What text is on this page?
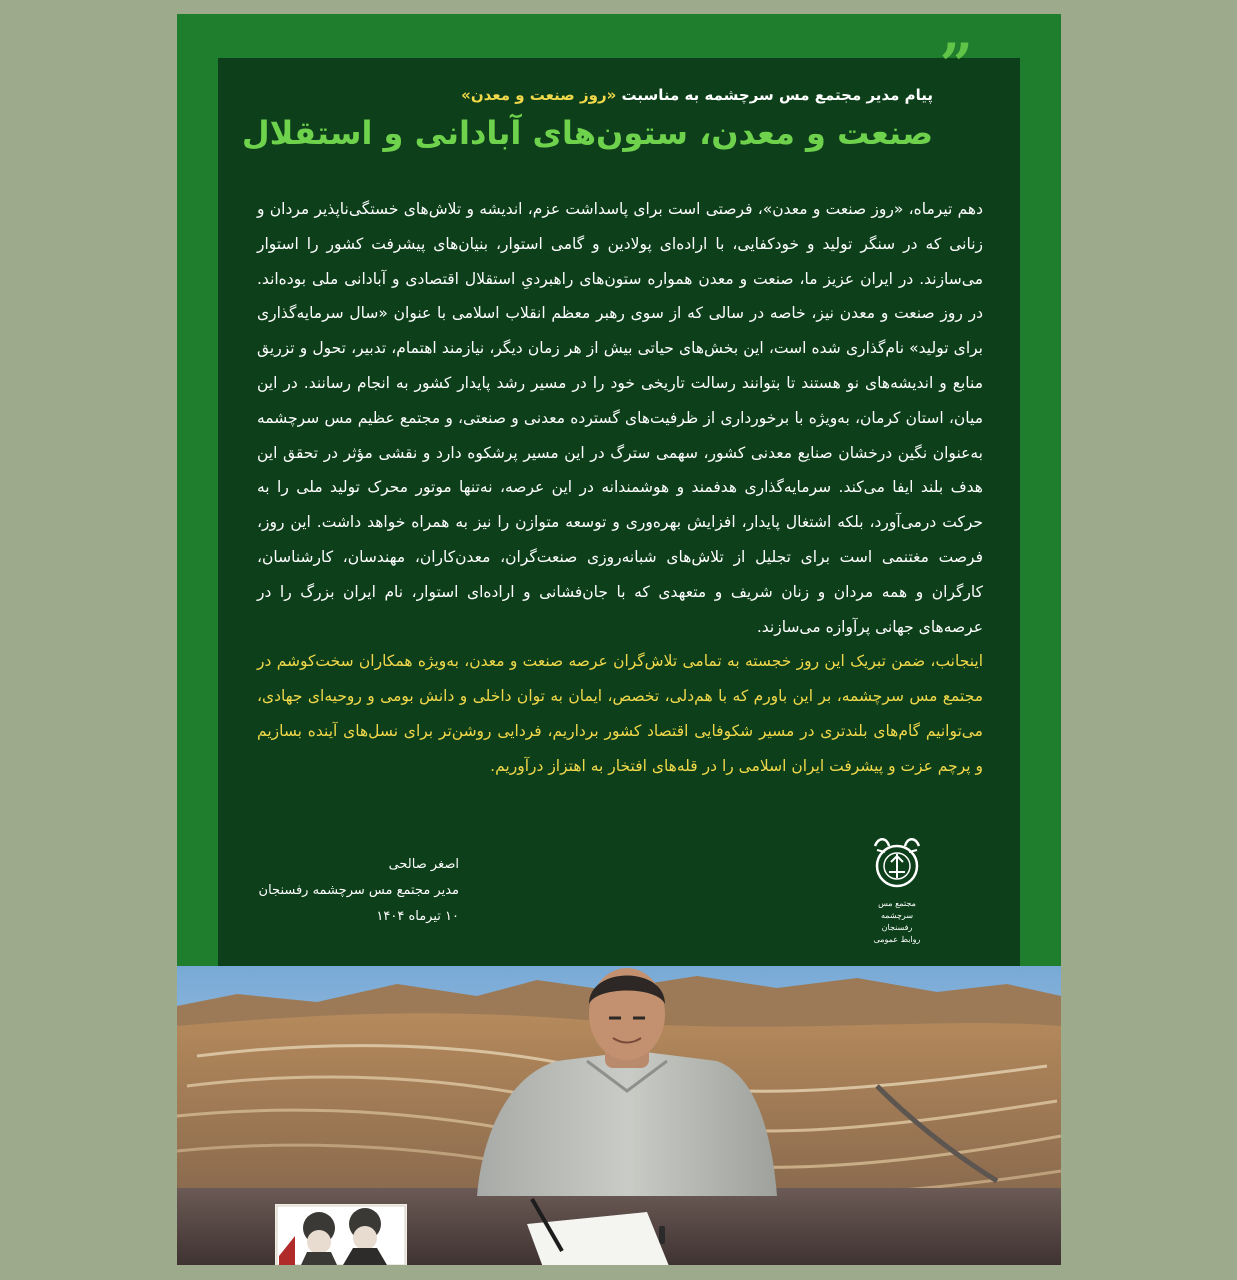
”
پیام مدیر مجتمع مس سرچشمه به مناسبت «روز صنعت و معدن»
صنعت و معدن، ستون‌های آبادانی و استقلال

دهم تیرماه، «روز صنعت و معدن»، فرصتی است برای پاسداشت عزم، اندیشه و تلاش‌های خستگی‌ناپذیر مردان و زنانی که در سنگر تولید و خودکفایی، با اراده‌ای پولادین و گامی استوار، بنیان‌های پیشرفت کشور را استوار می‌سازند. در ایران عزیز ما، صنعت و معدن همواره ستون‌های راهبردیِ استقلال اقتصادی و آبادانی ملی بوده‌اند. در روز صنعت و معدن نیز، خاصه در سالی که از سوی رهبر معظم انقلاب اسلامی با عنوان «سال سرمایه‌گذاری برای تولید» نام‌گذاری شده است، این بخش‌های حیاتی بیش از هر زمان دیگر، نیازمند اهتمام، تدبیر، تحول و تزریق منابع و اندیشه‌های نو هستند تا بتوانند رسالت تاریخی خود را در مسیر رشد پایدار کشور به انجام رسانند. در این میان، استان کرمان، به‌ویژه با برخورداری از ظرفیت‌های گسترده معدنی و صنعتی، و مجتمع عظیم مس سرچشمه به‌عنوان نگین درخشان صنایع معدنی کشور، سهمی سترگ در این مسیر پرشکوه دارد و نقشی مؤثر در تحقق این هدف بلند ایفا می‌کند. سرمایه‌گذاری هدفمند و هوشمندانه در این عرصه، نه‌تنها موتور محرک تولید ملی را به حرکت درمی‌آورد، بلکه اشتغال پایدار، افزایش بهره‌وری و توسعه متوازن را نیز به همراه خواهد داشت. این روز، فرصت مغتنمی است برای تجلیل از تلاش‌های شبانه‌روزی صنعت‌گران، معدن‌کاران، مهندسان، کارشناسان، کارگران و همه مردان و زنان شریف و متعهدی که با جان‌فشانی و اراده‌ای استوار، نام ایران بزرگ را در عرصه‌های جهانی پرآوازه می‌سازند.

اینجانب، ضمن تبریک این روز خجسته به تمامی تلاش‌گران عرصه صنعت و معدن، به‌ویژه همکاران سخت‌کوشم در مجتمع مس سرچشمه، بر این باورم که با هم‌دلی، تخصص، ایمان به توان داخلی و دانش بومی و روحیه‌ای جهادی، می‌توانیم گام‌های بلندتری در مسیر شکوفایی اقتصاد کشور برداریم، فردایی روشن‌تر برای نسل‌های آینده بسازیم و پرچم عزت و پیشرفت ایران اسلامی را در قله‌های افتخار به اهتزاز درآوریم.

اصغر صالحی
مدیر مجتمع مس سرچشمه رفسنجان
۱۰ تیرماه ۱۴۰۴
مجتمع مس سرچشمه رفسنجان
روابط عمومی
